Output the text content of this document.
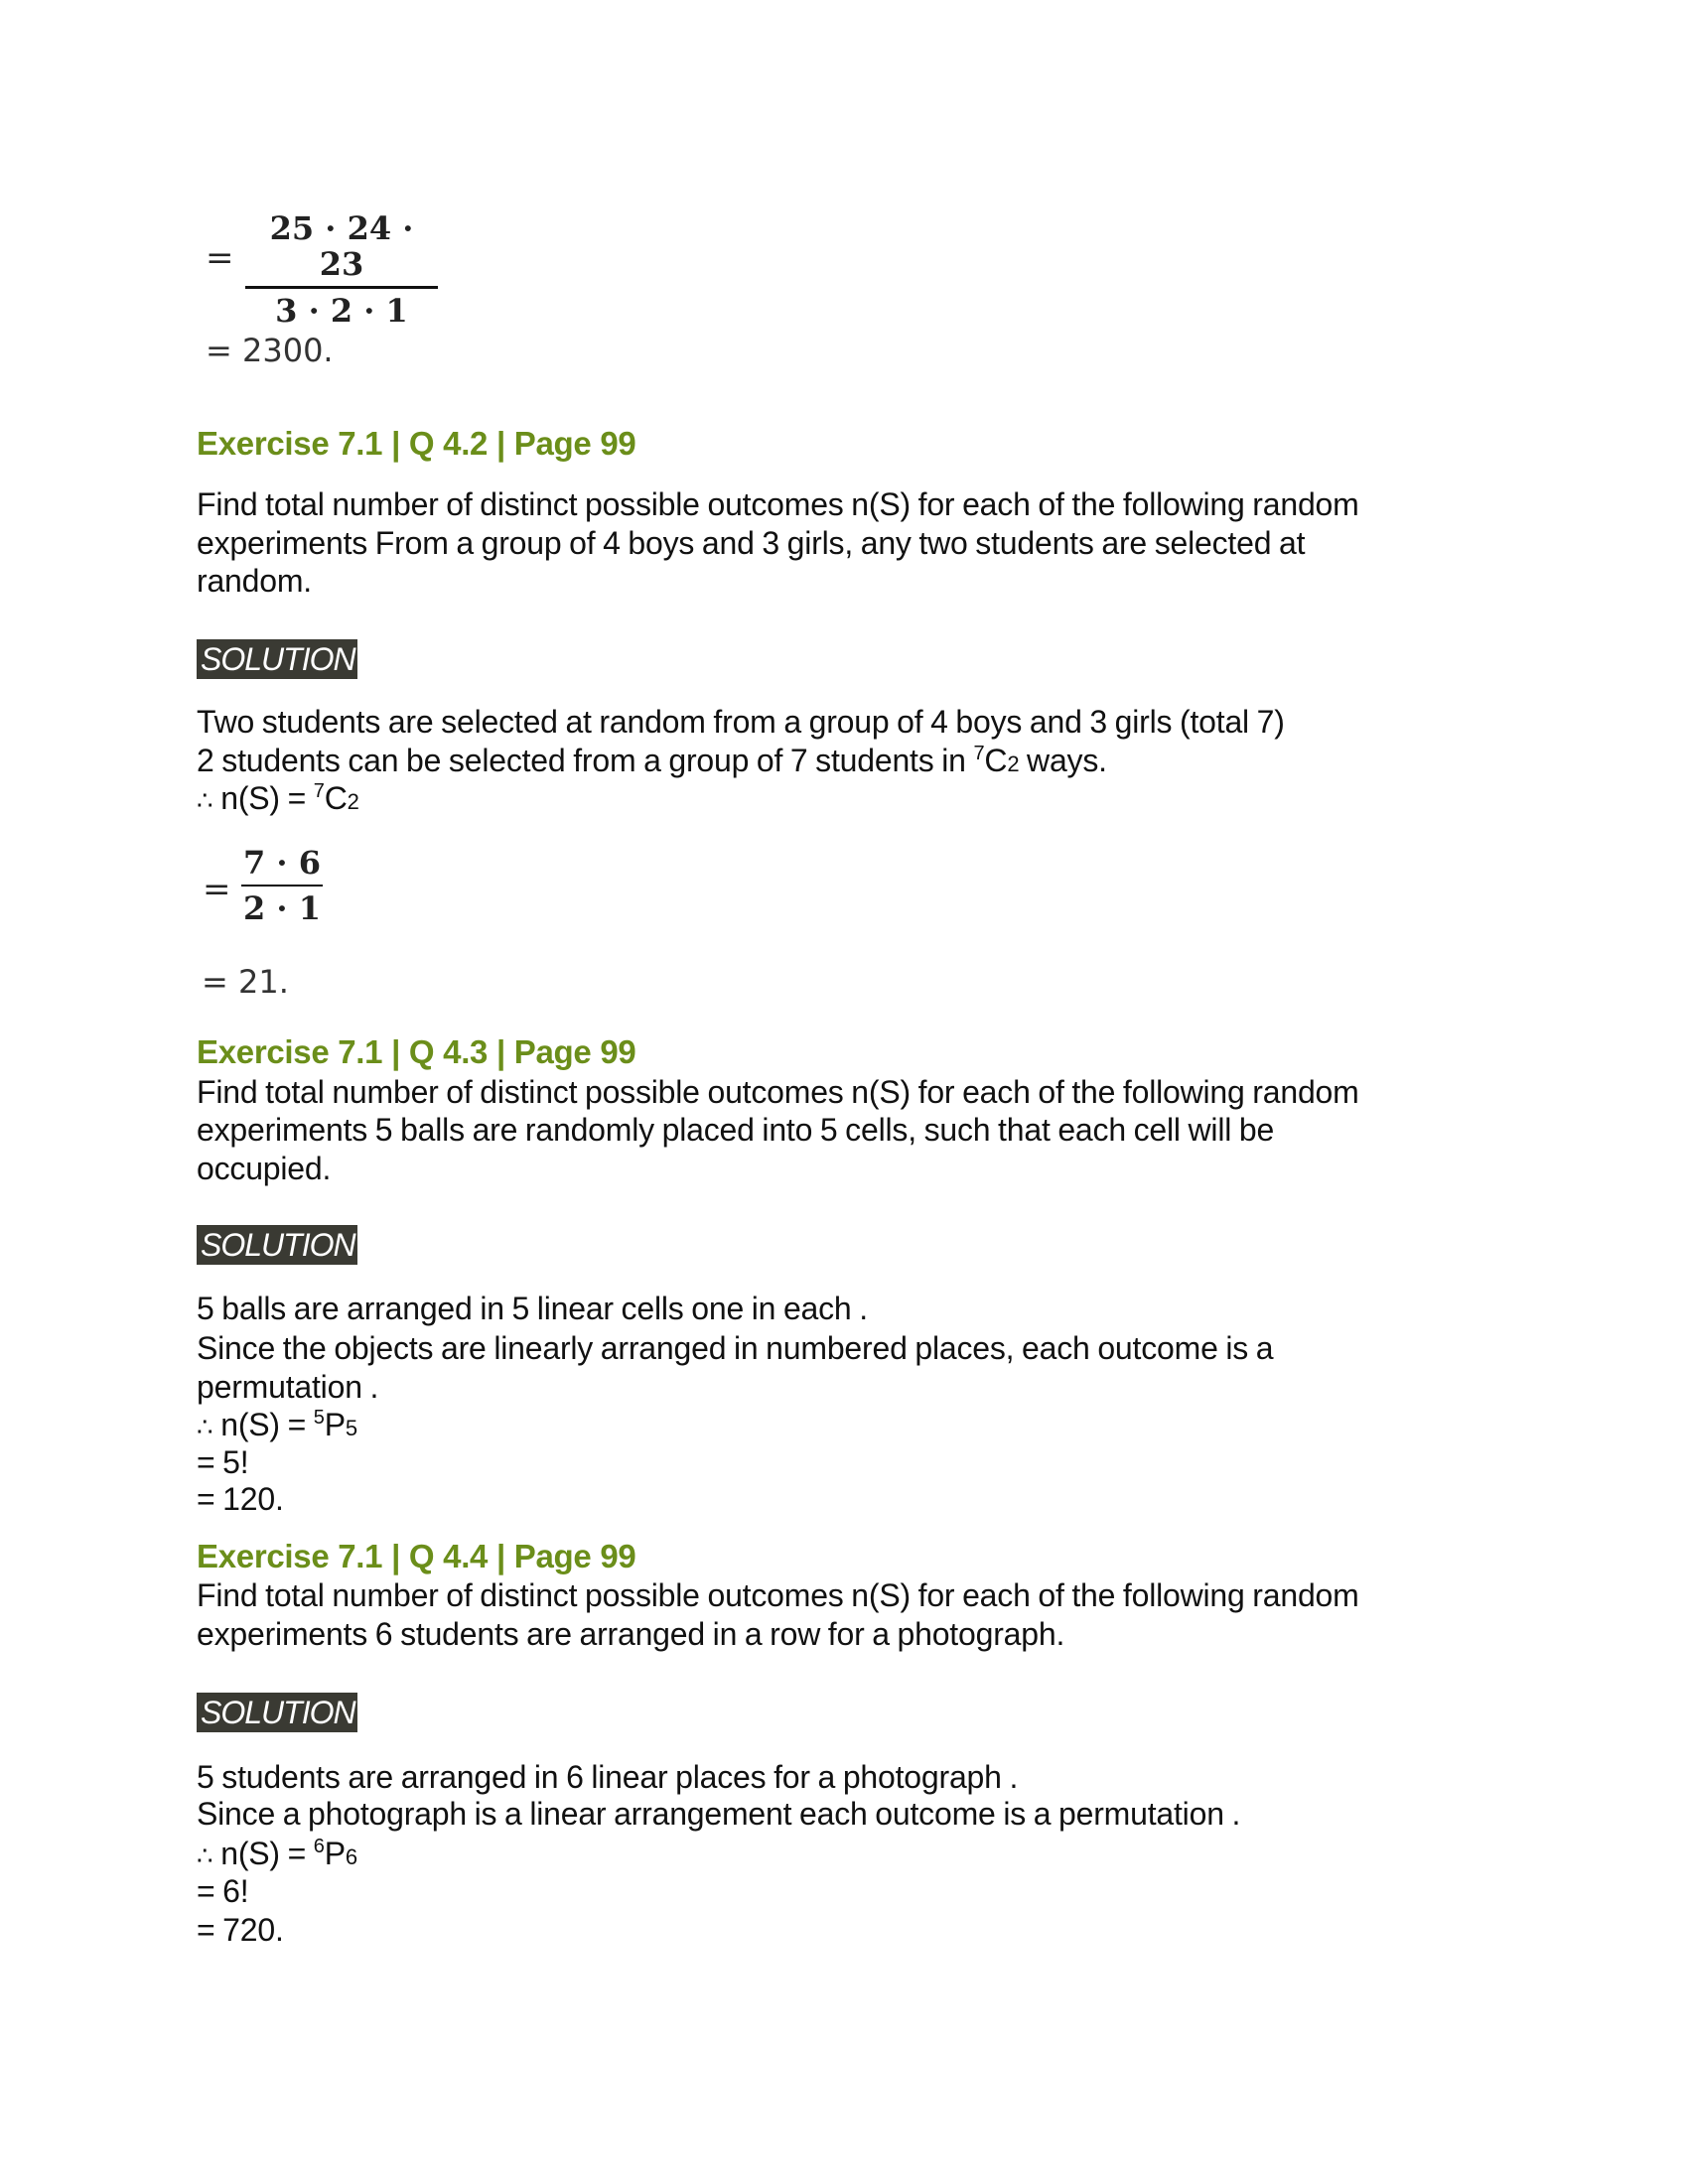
=
25 · 24 · 23
3 · 2 · 1
= 2300.
Exercise 7.1 | Q 4.2 | Page 99
Find total number of distinct possible outcomes n(S) for each of the following random
experiments From a group of 4 boys and 3 girls, any two students are selected at
random.
SOLUTION
Two students are selected at random from a group of 4 boys and 3 girls (total 7)
2 students can be selected from a group of 7 students in $^7$C2 ways.
∴ n(S) = $^7$C2
=
7 · 6
2 · 1
= 21.
Exercise 7.1 | Q 4.3 | Page 99
Find total number of distinct possible outcomes n(S) for each of the following random
experiments 5 balls are randomly placed into 5 cells, such that each cell will be
occupied.
SOLUTION
5 balls are arranged in 5 linear cells one in each .
Since the objects are linearly arranged in numbered places, each outcome is a
permutation .
∴ n(S) = $^5$P5
= 5!
= 120.
Exercise 7.1 | Q 4.4 | Page 99
Find total number of distinct possible outcomes n(S) for each of the following random
experiments 6 students are arranged in a row for a photograph.
SOLUTION
5 students are arranged in 6 linear places for a photograph .
Since a photograph is a linear arrangement each outcome is a permutation .
∴ n(S) = $^6$P6
= 6!
= 720.
